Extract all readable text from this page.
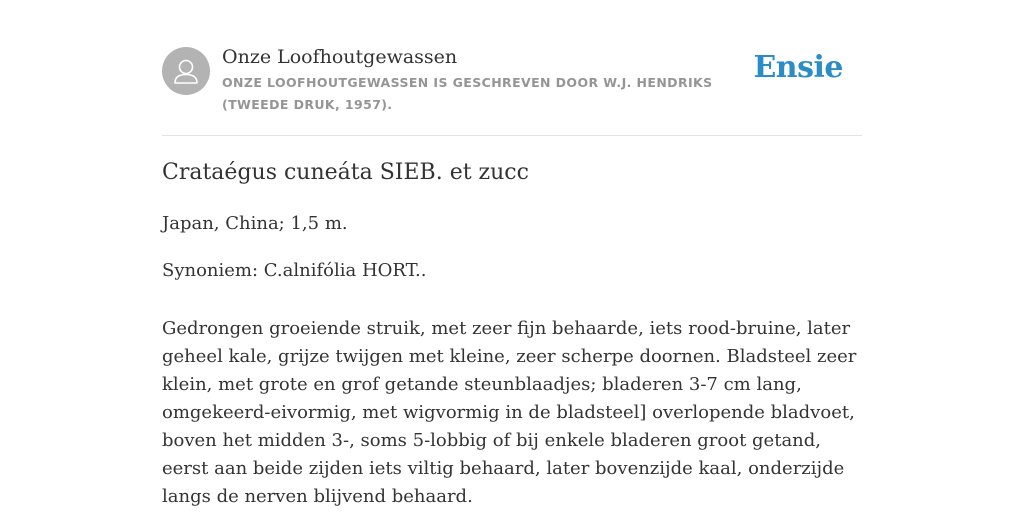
Onze Loofhoutgewassen
ONZE LOOFHOUTGEWASSEN IS GESCHREVEN DOOR W.J. HENDRIKS (TWEEDE DRUK, 1957).
Ensie
Crataégus cuneáta SIEB. et zucc
Japan, China; 1,5 m.
Synoniem: C.alnifólia HORT..
Gedrongen groeiende struik, met zeer fijn behaarde, iets rood-bruine, later geheel kale, grijze twijgen met kleine, zeer scherpe doornen. Bladsteel zeer klein, met grote en grof getande steunblaadjes; bladeren 3-7 cm lang, omgekeerd-eivormig, met wigvormig in de bladsteel] overlopende bladvoet, boven het midden 3-, soms 5-lobbig of bij enkele bladeren groot getand, eerst aan beide zijden iets viltig behaard, later bovenzijde kaal, onderzijde langs de nerven blijvend behaard.
